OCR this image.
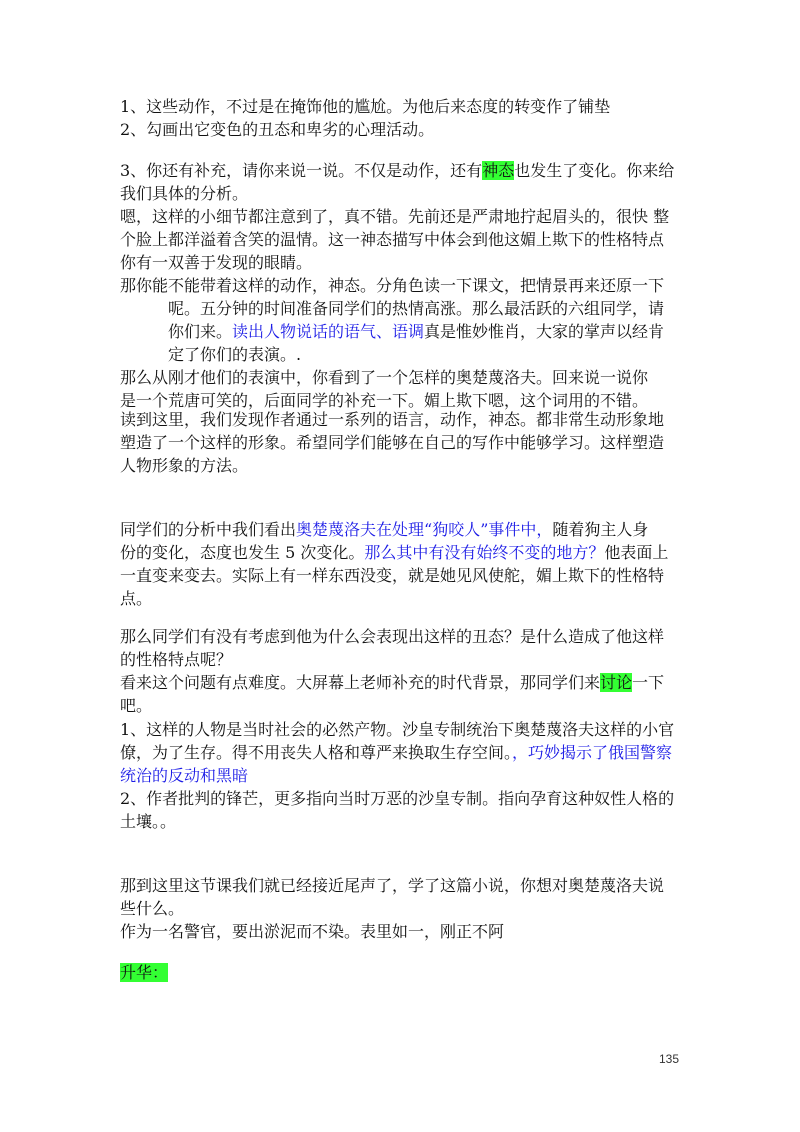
1、这些动作，不过是在掩饰他的尴尬。为他后来态度的转变作了铺垫
2、勾画出它变色的丑态和卑劣的心理活动。
3、你还有补充，请你来说一说。不仅是动作，还有神态也发生了变化。你来给
我们具体的分析。
嗯，这样的小细节都注意到了，真不错。先前还是严肃地拧起眉头的，很快 整
个脸上都洋溢着含笑的温情。这一神态描写中体会到他这媚上欺下的性格特点
你有一双善于发现的眼睛。
那你能不能带着这样的动作，神态。分角色读一下课文，把情景再来还原一下
呢。五分钟的时间准备同学们的热情高涨。那么最活跃的六组同学，请
你们来。读出人物说话的语气、语调真是惟妙惟肖，大家的掌声以经肯
定了你们的表演。.
那么从刚才他们的表演中，你看到了一个怎样的奥楚蔑洛夫。回来说一说你
是一个荒唐可笑的，后面同学的补充一下。媚上欺下嗯，这个词用的不错。
读到这里，我们发现作者通过一系列的语言，动作，神态。都非常生动形象地
塑造了一个这样的形象。希望同学们能够在自己的写作中能够学习。这样塑造
人物形象的方法。
同学们的分析中我们看出奥楚蔑洛夫在处理“狗咬人”事件中，随着狗主人身
份的变化，态度也发生 5 次变化。那么其中有没有始终不变的地方？他表面上
一直变来变去。实际上有一样东西没变，就是她见风使舵，媚上欺下的性格特
点。
那么同学们有没有考虑到他为什么会表现出这样的丑态？是什么造成了他这样
的性格特点呢？
看来这个问题有点难度。大屏幕上老师补充的时代背景，那同学们来讨论一下
吧。
1、这样的人物是当时社会的必然产物。沙皇专制统治下奥楚蔑洛夫这样的小官
僚，为了生存。得不用丧失人格和尊严来换取生存空间。，巧妙揭示了俄国警察
统治的反动和黑暗
2、作者批判的锋芒，更多指向当时万恶的沙皇专制。指向孕育这种奴性人格的
土壤。。
那到这里这节课我们就已经接近尾声了，学了这篇小说，你想对奥楚蔑洛夫说
些什么。
作为一名警官，要出淤泥而不染。表里如一，刚正不阿
升华：
135
